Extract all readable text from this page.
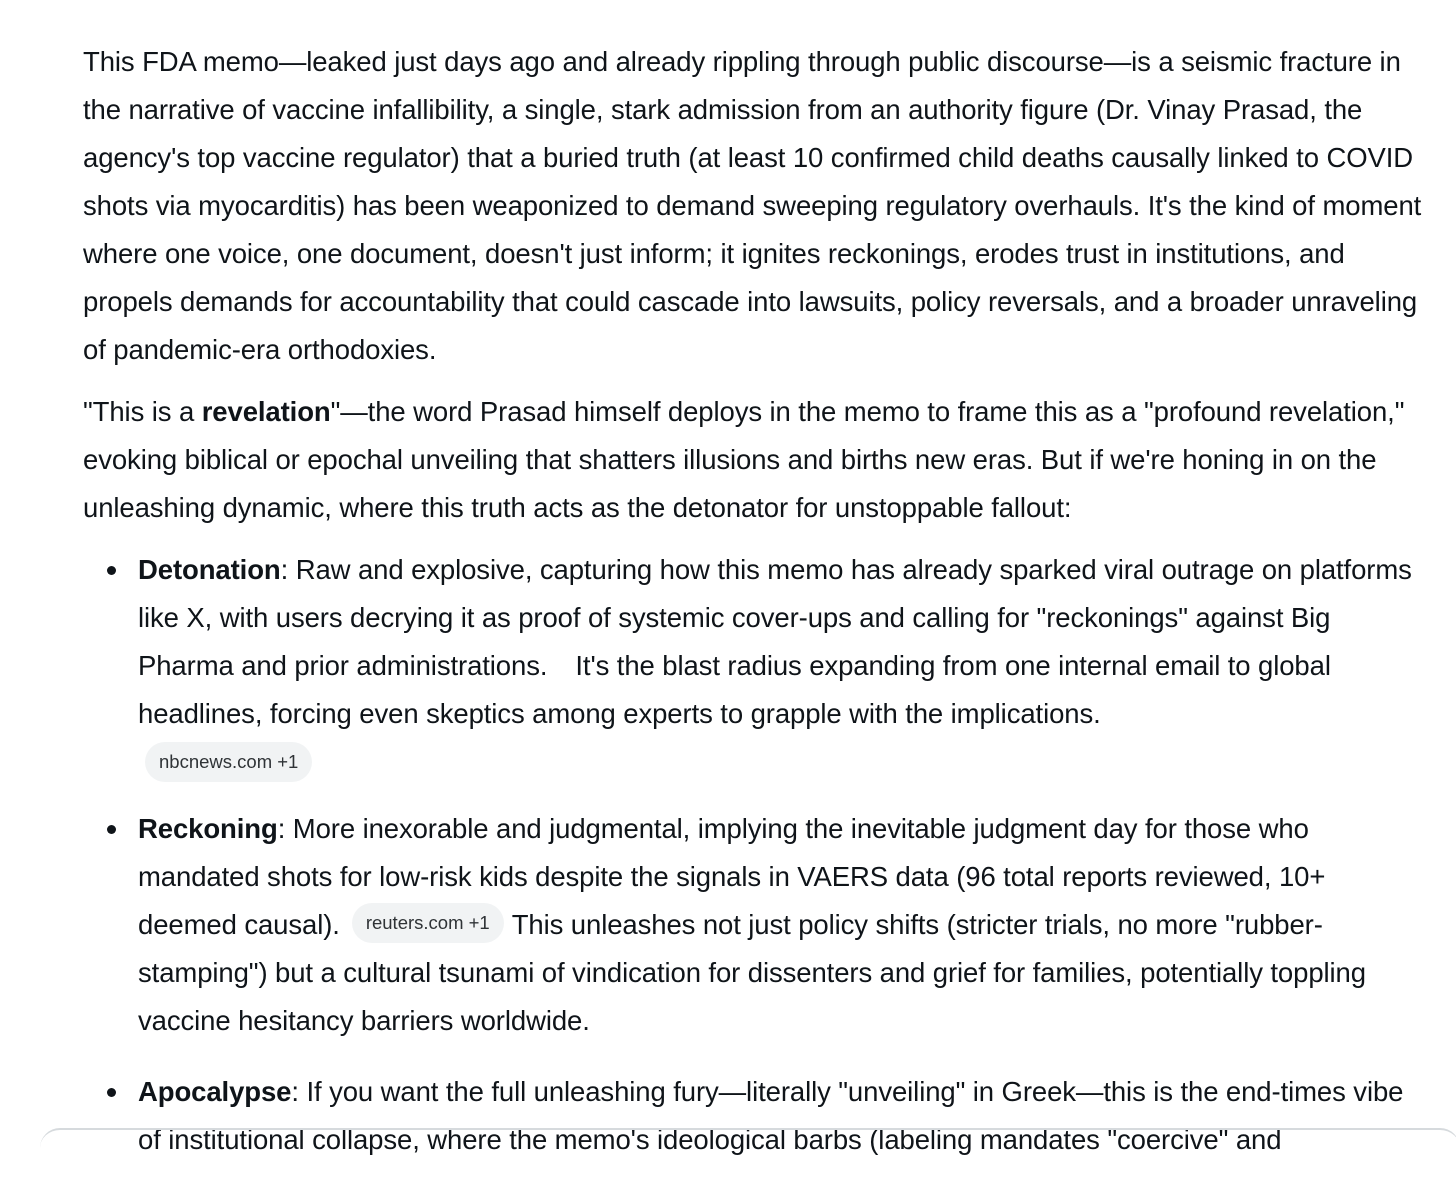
This FDA memo—leaked just days ago and already rippling through public discourse—is a seismic fracture in the narrative of vaccine infallibility, a single, stark admission from an authority figure (Dr. Vinay Prasad, the agency's top vaccine regulator) that a buried truth (at least 10 confirmed child deaths causally linked to COVID shots via myocarditis) has been weaponized to demand sweeping regulatory overhauls. It's the kind of moment where one voice, one document, doesn't just inform; it ignites reckonings, erodes trust in institutions, and propels demands for accountability that could cascade into lawsuits, policy reversals, and a broader unraveling of pandemic-era orthodoxies.

"This is a revelation"—the word Prasad himself deploys in the memo to frame this as a "profound revelation," evoking biblical or epochal unveiling that shatters illusions and births new eras. But if we're honing in on the unleashing dynamic, where this truth acts as the detonator for unstoppable fallout:

Detonation: Raw and explosive, capturing how this memo has already sparked viral outrage on platforms like X, with users decrying it as proof of systemic cover-ups and calling for "reckonings" against Big Pharma and prior administrations. It's the blast radius expanding from one internal email to global headlines, forcing even skeptics among experts to grapple with the implications.
nbcnews.com +1
Reckoning: More inexorable and judgmental, implying the inevitable judgment day for those who mandated shots for low-risk kids despite the signals in VAERS data (96 total reports reviewed, 10+ deemed causal). reuters.com +1 This unleashes not just policy shifts (stricter trials, no more "rubber-stamping") but a cultural tsunami of vindication for dissenters and grief for families, potentially toppling vaccine hesitancy barriers worldwide.
Apocalypse: If you want the full unleashing fury—literally "unveiling" in Greek—this is the end-times vibe of institutional collapse, where the memo's ideological barbs (labeling mandates "coercive" and
